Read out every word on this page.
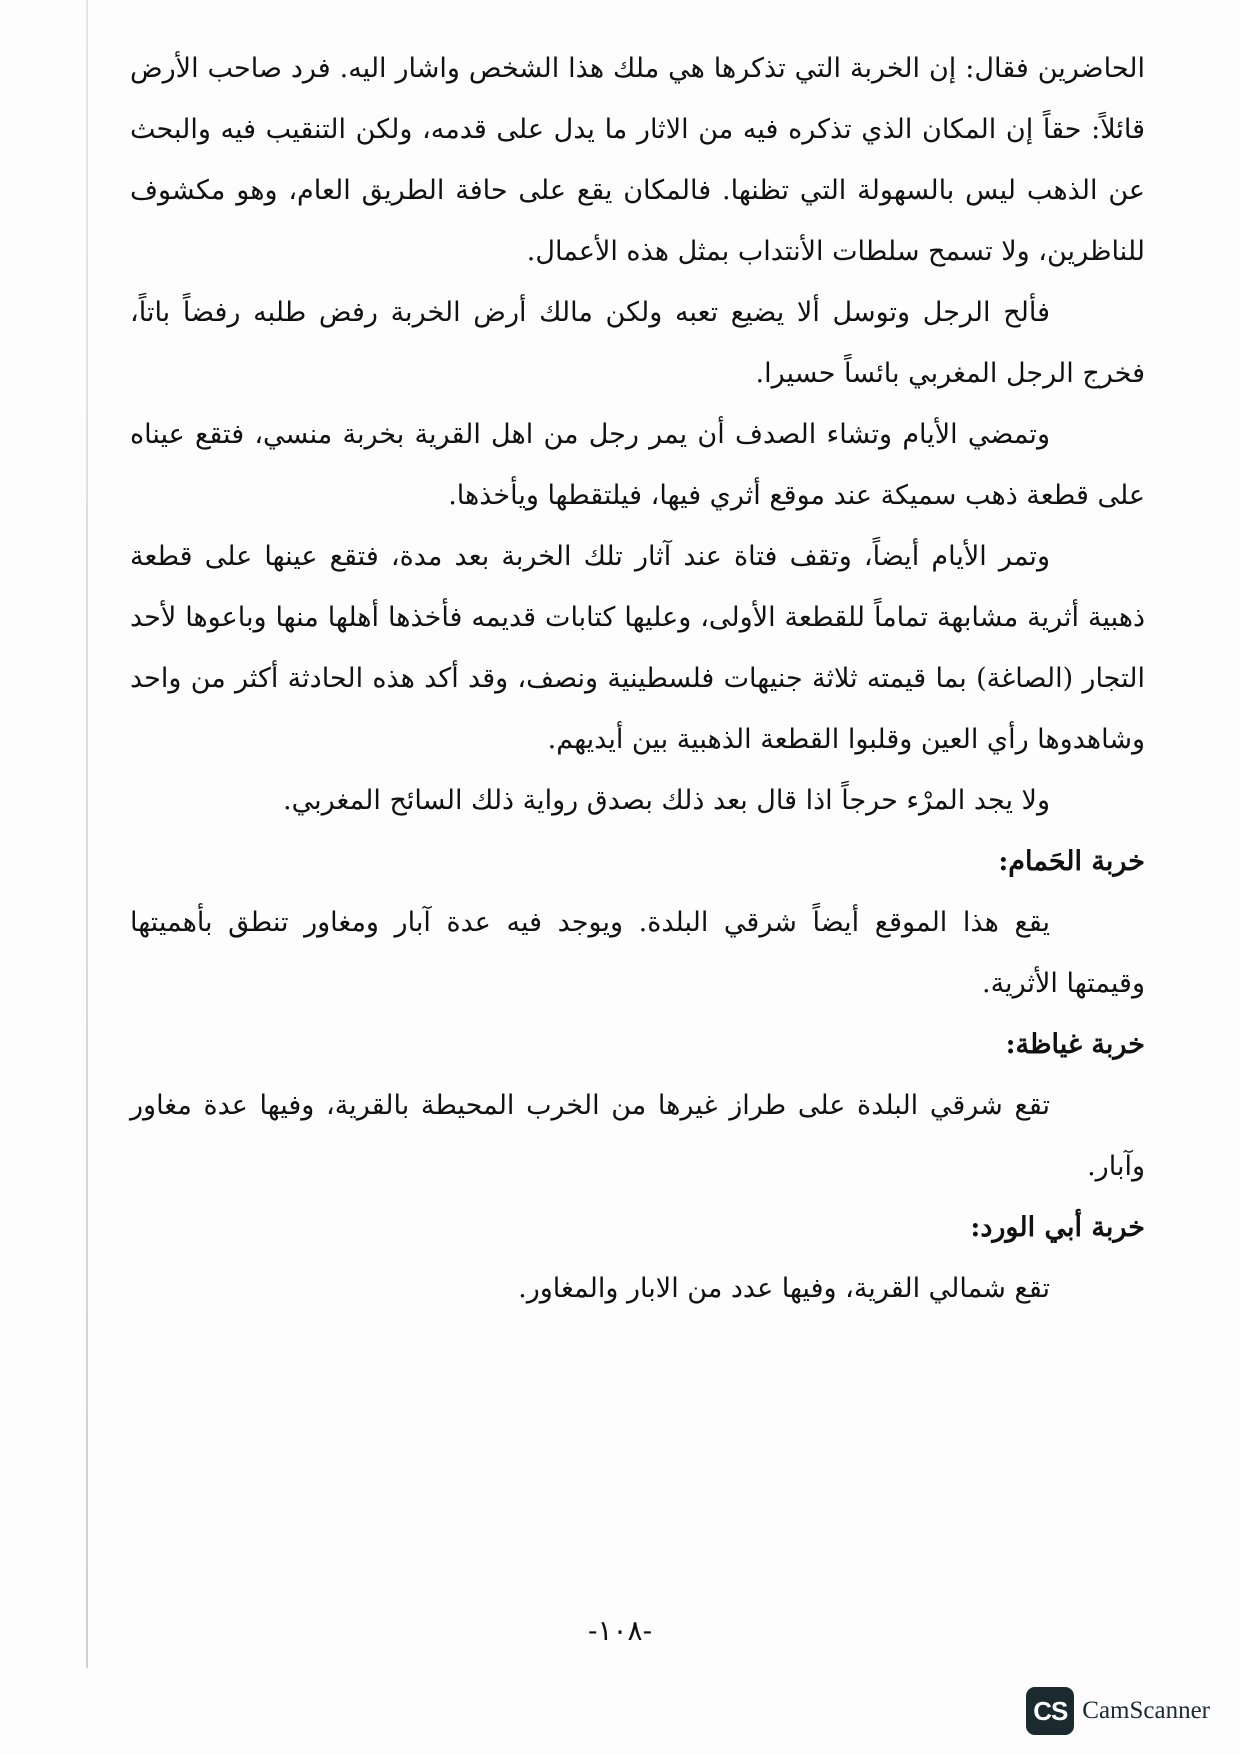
الحاضرين فقال: إن الخربة التي تذكرها هي ملك هذا الشخص واشار اليه. فرد صاحب الأرض قائلاً: حقاً إن المكان الذي تذكره فيه من الاثار ما يدل على قدمه، ولكن التنقيب فيه والبحث عن الذهب ليس بالسهولة التي تظنها. فالمكان يقع على حافة الطريق العام، وهو مكشوف للناظرين، ولا تسمح سلطات الأنتداب بمثل هذه الأعمال.

فألح الرجل وتوسل ألا يضيع تعبه ولكن مالك أرض الخربة رفض طلبه رفضاً باتاً، فخرج الرجل المغربي بائساً حسيرا.

وتمضي الأيام وتشاء الصدف أن يمر رجل من اهل القرية بخربة منسي، فتقع عيناه على قطعة ذهب سميكة عند موقع أثري فيها، فيلتقطها ويأخذها.

وتمر الأيام أيضاً، وتقف فتاة عند آثار تلك الخربة بعد مدة، فتقع عينها على قطعة ذهبية أثرية مشابهة تماماً للقطعة الأولى، وعليها كتابات قديمه فأخذها أهلها منها وباعوها لأحد التجار (الصاغة) بما قيمته ثلاثة جنيهات فلسطينية ونصف، وقد أكد هذه الحادثة أكثر من واحد وشاهدوها رأي العين وقلبوا القطعة الذهبية بين أيديهم.

ولا يجد المرْء حرجاً اذا قال بعد ذلك بصدق رواية ذلك السائح المغربي.

خربة الحَمام:

يقع هذا الموقع أيضاً شرقي البلدة. ويوجد فيه عدة آبار ومغاور تنطق بأهميتها وقيمتها الأثرية.

خربة غياظة:

تقع شرقي البلدة على طراز غيرها من الخرب المحيطة بالقرية، وفيها عدة مغاور وآبار.

خربة أبي الورد:

تقع شمالي القرية، وفيها عدد من الابار والمغاور.

-١٠٨-
CS CamScanner
